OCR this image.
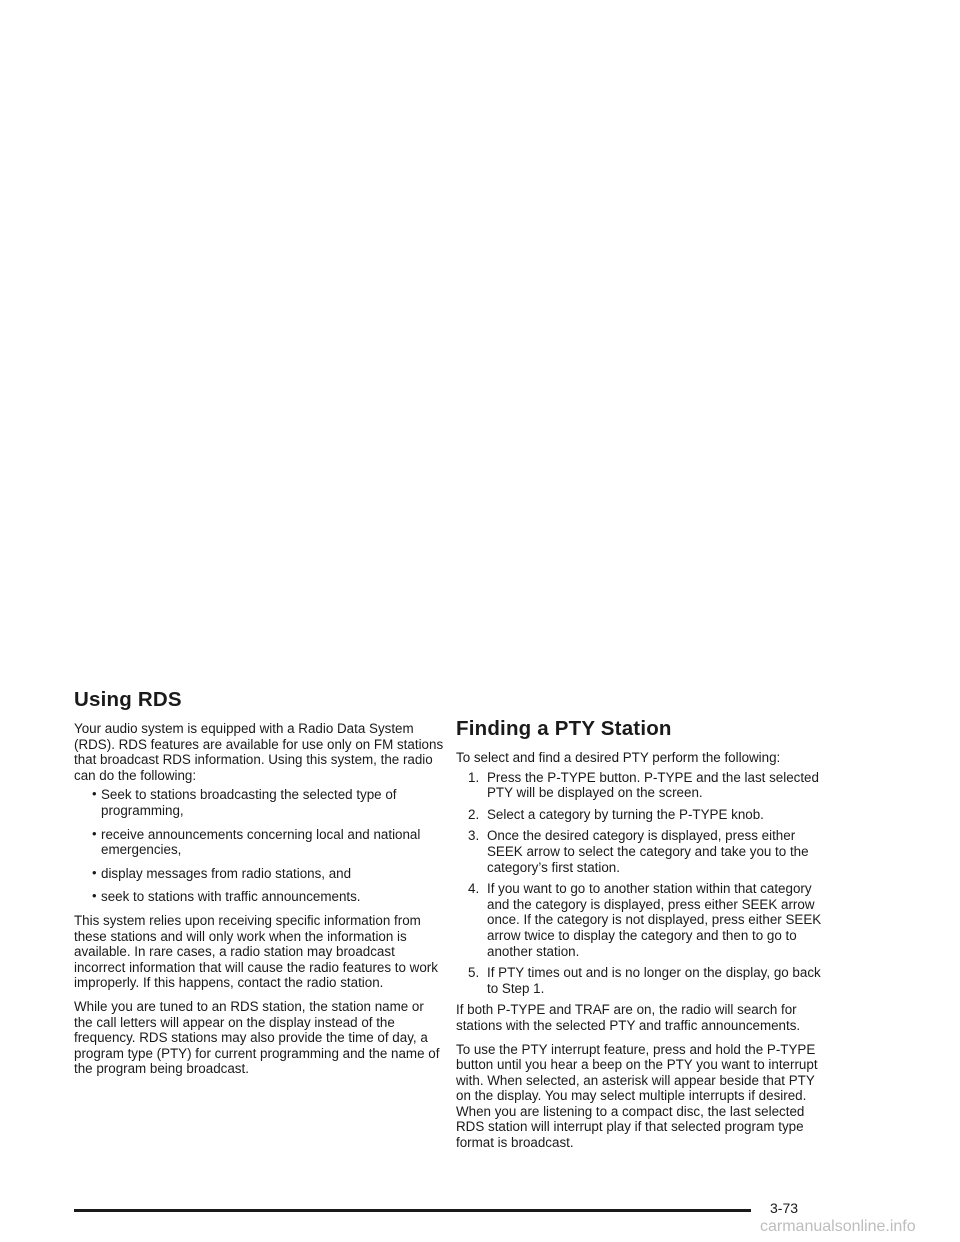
Using RDS

Your audio system is equipped with a Radio Data System (RDS). RDS features are available for use only on FM stations that broadcast RDS information. Using this system, the radio can do the following:

• Seek to stations broadcasting the selected type of programming,
• receive announcements concerning local and national emergencies,
• display messages from radio stations, and
• seek to stations with traffic announcements.

This system relies upon receiving specific information from these stations and will only work when the information is available. In rare cases, a radio station may broadcast incorrect information that will cause the radio features to work improperly. If this happens, contact the radio station.

While you are tuned to an RDS station, the station name or the call letters will appear on the display instead of the frequency. RDS stations may also provide the time of day, a program type (PTY) for current programming and the name of the program being broadcast.

Finding a PTY Station

To select and find a desired PTY perform the following:

1. Press the P-TYPE button. P-TYPE and the last selected PTY will be displayed on the screen.
2. Select a category by turning the P-TYPE knob.
3. Once the desired category is displayed, press either SEEK arrow to select the category and take you to the category’s first station.
4. If you want to go to another station within that category and the category is displayed, press either SEEK arrow once. If the category is not displayed, press either SEEK arrow twice to display the category and then to go to another station.
5. If PTY times out and is no longer on the display, go back to Step 1.

If both P-TYPE and TRAF are on, the radio will search for stations with the selected PTY and traffic announcements.

To use the PTY interrupt feature, press and hold the P-TYPE button until you hear a beep on the PTY you want to interrupt with. When selected, an asterisk will appear beside that PTY on the display. You may select multiple interrupts if desired. When you are listening to a compact disc, the last selected RDS station will interrupt play if that selected program type format is broadcast.

3-73
carmanualsonline.info
